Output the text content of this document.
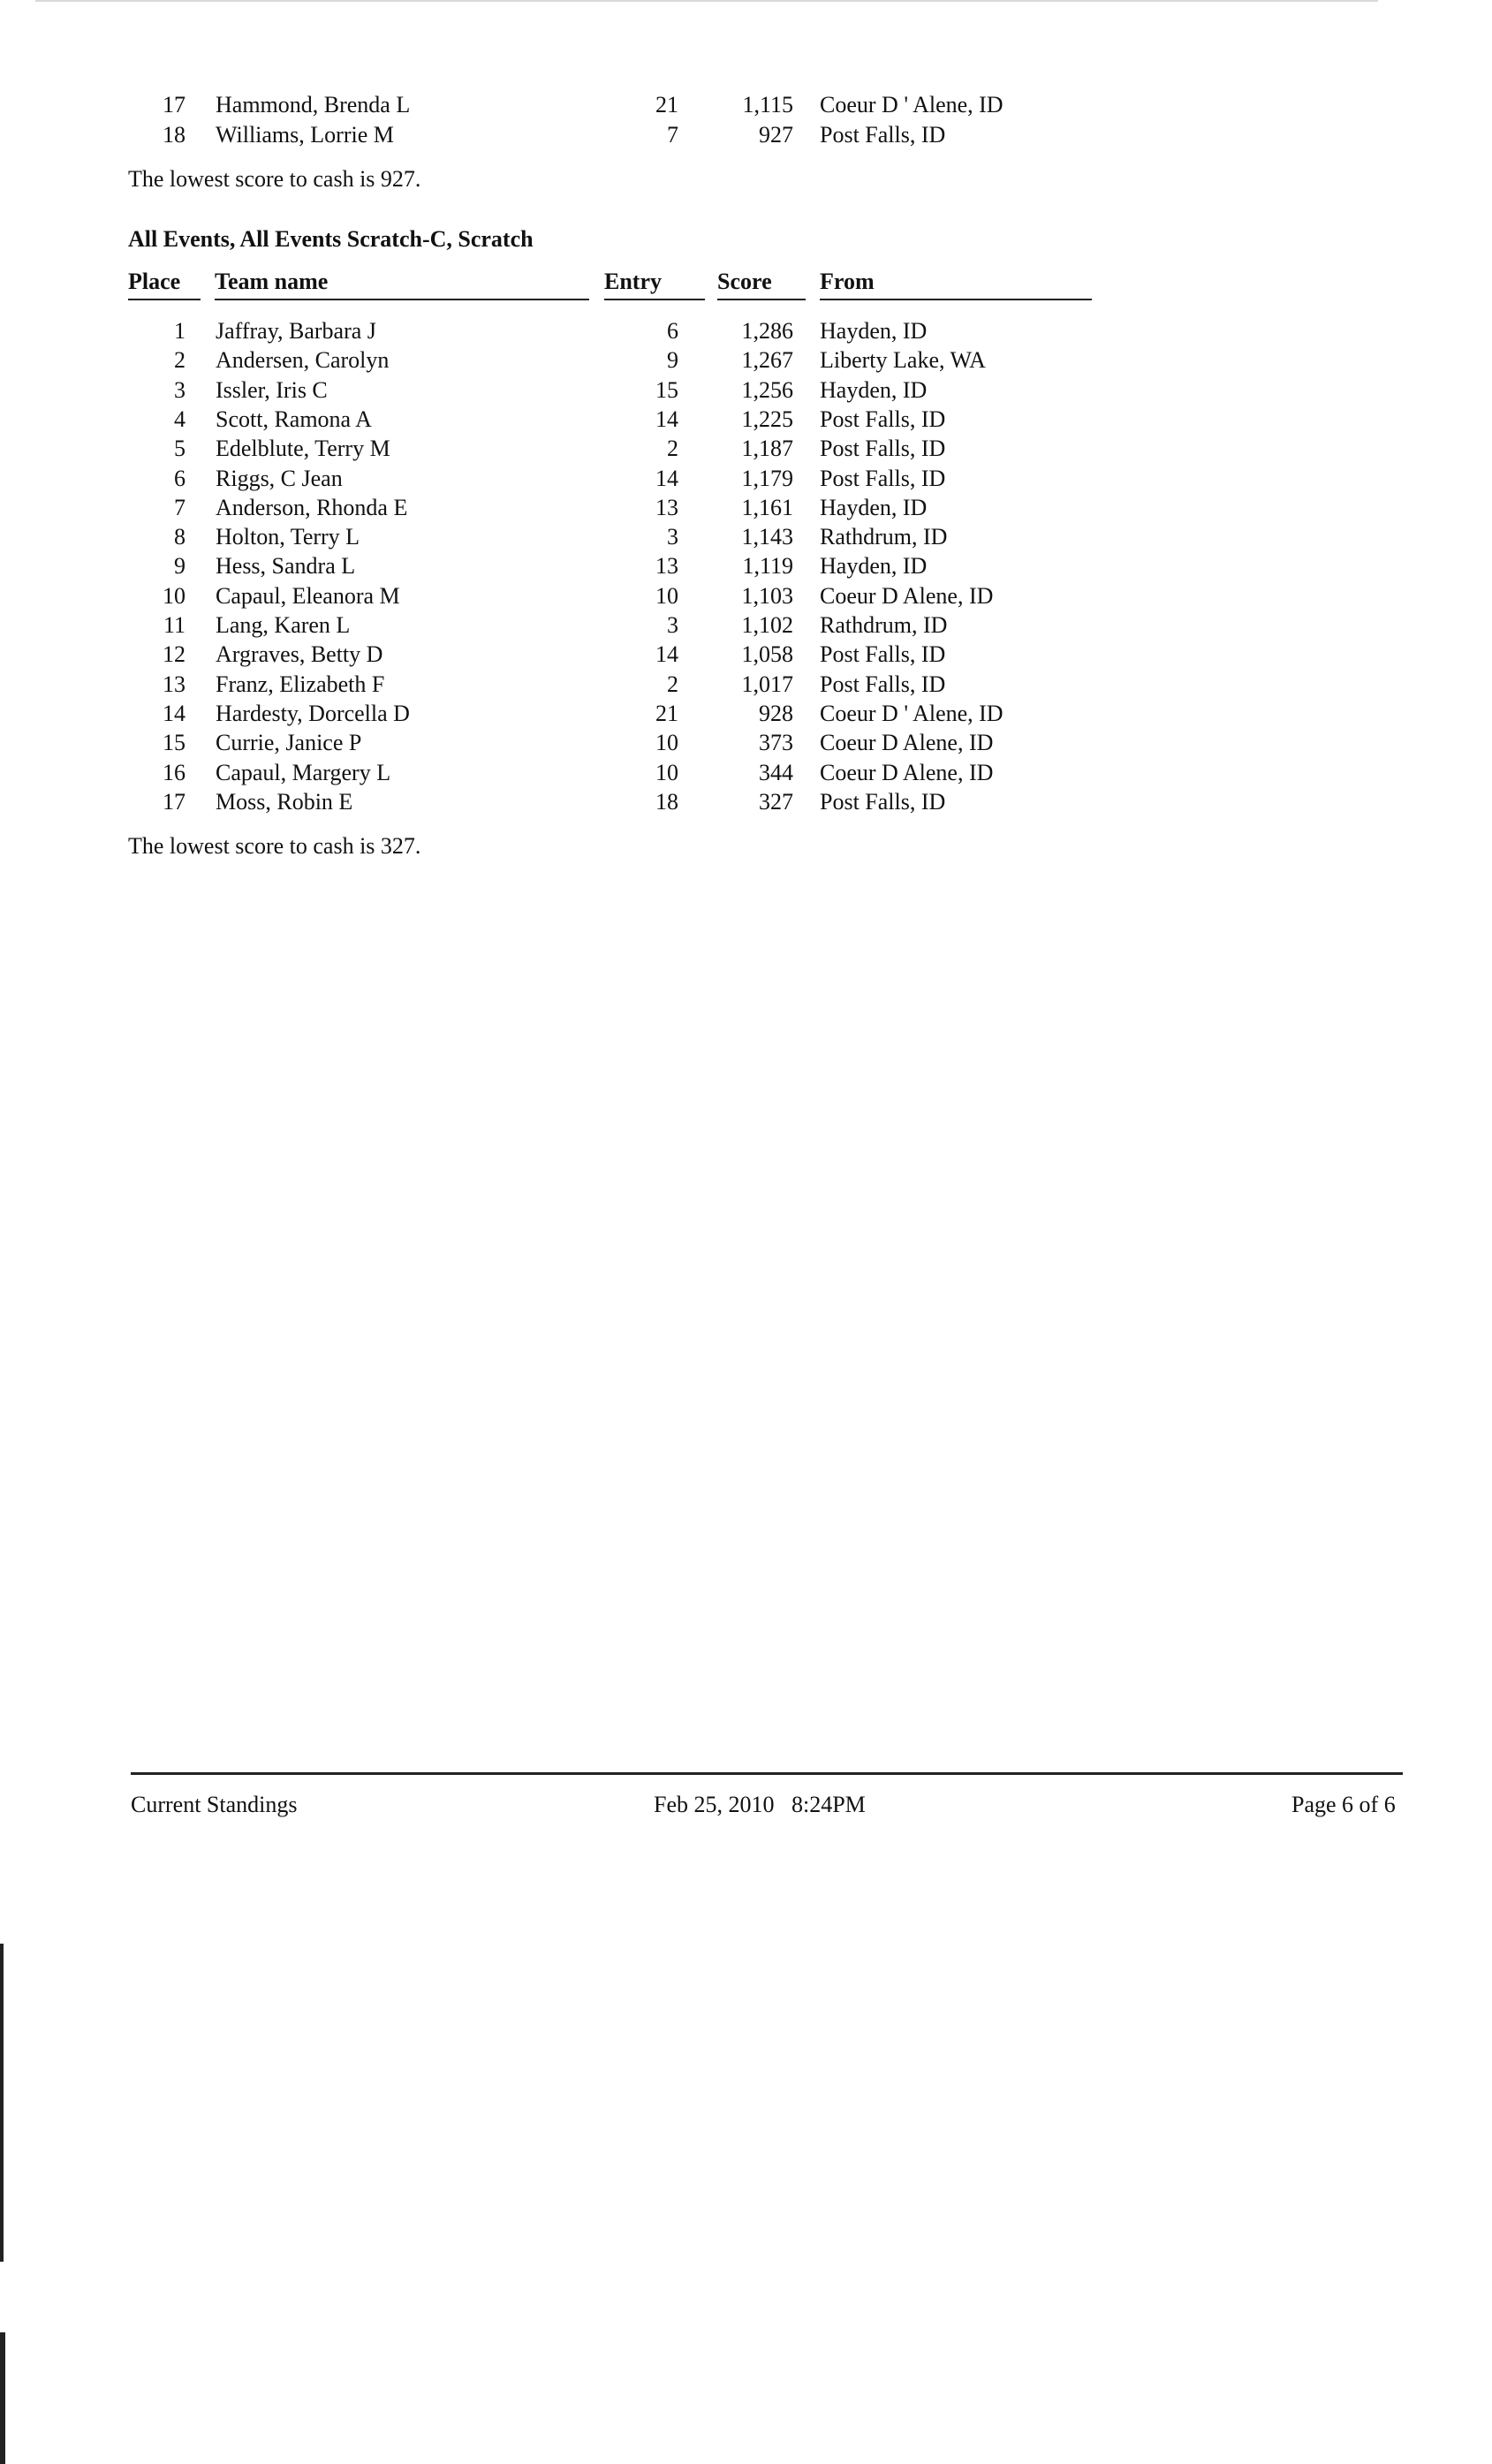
17 Hammond, Brenda L	21	1,115 Coeur D ' Alene, ID
18 Williams, Lorrie M	7	927 Post Falls, ID
The lowest score to cash is 927.
All Events, All Events Scratch-C, Scratch
Place Team name	Entry Score From
1 Jaffray, Barbara J	6	1,286 Hayden, ID
2 Andersen, Carolyn	9	1,267 Liberty Lake, WA
3 Issler, Iris C	15	1,256 Hayden, ID
4 Scott, Ramona A	14	1,225 Post Falls, ID
5 Edelblute, Terry M	2	1,187 Post Falls, ID
6 Riggs, C Jean	14	1,179 Post Falls, ID
7 Anderson, Rhonda E	13	1,161 Hayden, ID
8 Holton, Terry L	3	1,143 Rathdrum, ID
9 Hess, Sandra L	13	1,119 Hayden, ID
10 Capaul, Eleanora M	10	1,103 Coeur D Alene, ID
11 Lang, Karen L	3	1,102 Rathdrum, ID
12 Argraves, Betty D	14	1,058 Post Falls, ID
13 Franz, Elizabeth F	2	1,017 Post Falls, ID
14 Hardesty, Dorcella D	21	928 Coeur D ' Alene, ID
15 Currie, Janice P	10	373 Coeur D Alene, ID
16 Capaul, Margery L	10	344 Coeur D Alene, ID
17 Moss, Robin E	18	327 Post Falls, ID
The lowest score to cash is 327.
Current Standings	Feb 25, 2010   8:24PM	Page 6 of 6
